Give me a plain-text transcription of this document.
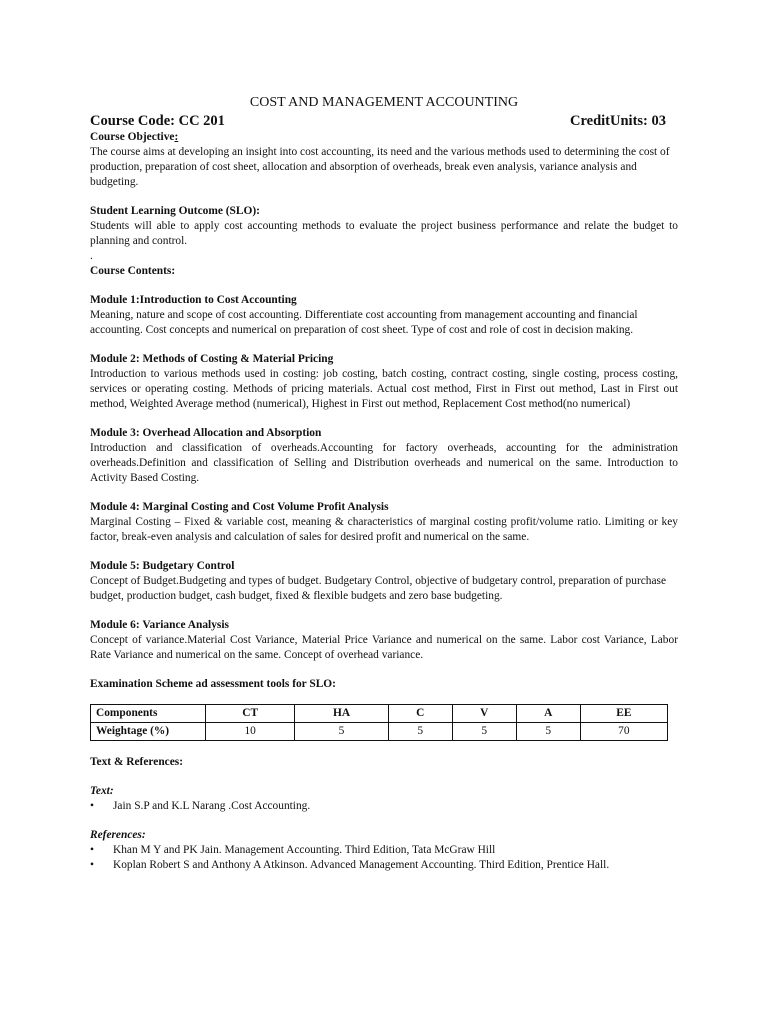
COST AND MANAGEMENT ACCOUNTING
Course Code: CC 201	CreditUnits: 03

Course Objective:

The course aims at developing an insight into cost accounting, its need and the various methods used to determining the cost of production, preparation of cost sheet, allocation and absorption of overheads, break even analysis, variance analysis and budgeting.

Student Learning Outcome (SLO):

Students will able to apply cost accounting methods to evaluate the project business performance and relate the budget to planning and control.

.

Course Contents:

Module 1:Introduction to Cost Accounting

Meaning, nature and scope of cost accounting. Differentiate cost accounting from management accounting and financial accounting. Cost concepts and numerical on preparation of cost sheet. Type of cost and role of cost in decision making.

Module 2: Methods of Costing & Material Pricing

Introduction to various methods used in costing: job costing, batch costing, contract costing, single costing, process costing, services or operating costing. Methods of pricing materials. Actual cost method, First in First out method, Last in First out method, Weighted Average method (numerical), Highest in First out method, Replacement Cost method(no numerical)

Module 3: Overhead Allocation and Absorption

Introduction and classification of overheads.Accounting for factory overheads, accounting for the administration overheads.Definition and classification of Selling and Distribution overheads and numerical on the same. Introduction to Activity Based Costing.

Module 4: Marginal Costing and Cost Volume Profit Analysis

Marginal Costing – Fixed & variable cost, meaning & characteristics of marginal costing profit/volume ratio. Limiting or key factor, break-even analysis and calculation of sales for desired profit and numerical on the same.

Module 5: Budgetary Control

Concept of Budget.Budgeting and types of budget. Budgetary Control, objective of budgetary control, preparation of purchase budget, production budget, cash budget, fixed & flexible budgets and zero base budgeting.

Module 6: Variance Analysis

Concept of variance.Material Cost Variance, Material Price Variance and numerical on the same. Labor cost Variance, Labor Rate Variance and numerical on the same. Concept of overhead variance.

Examination Scheme ad assessment tools for SLO:

Components	CT	HA	C	V	A	EE
Weightage (%)	10	5	5	5	5	70

Text & References:

Text:

• Jain S.P and K.L Narang .Cost Accounting.

References:

• Khan M Y and PK Jain. Management Accounting. Third Edition, Tata McGraw Hill
• Koplan Robert S and Anthony A Atkinson. Advanced Management Accounting. Third Edition, Prentice Hall.
